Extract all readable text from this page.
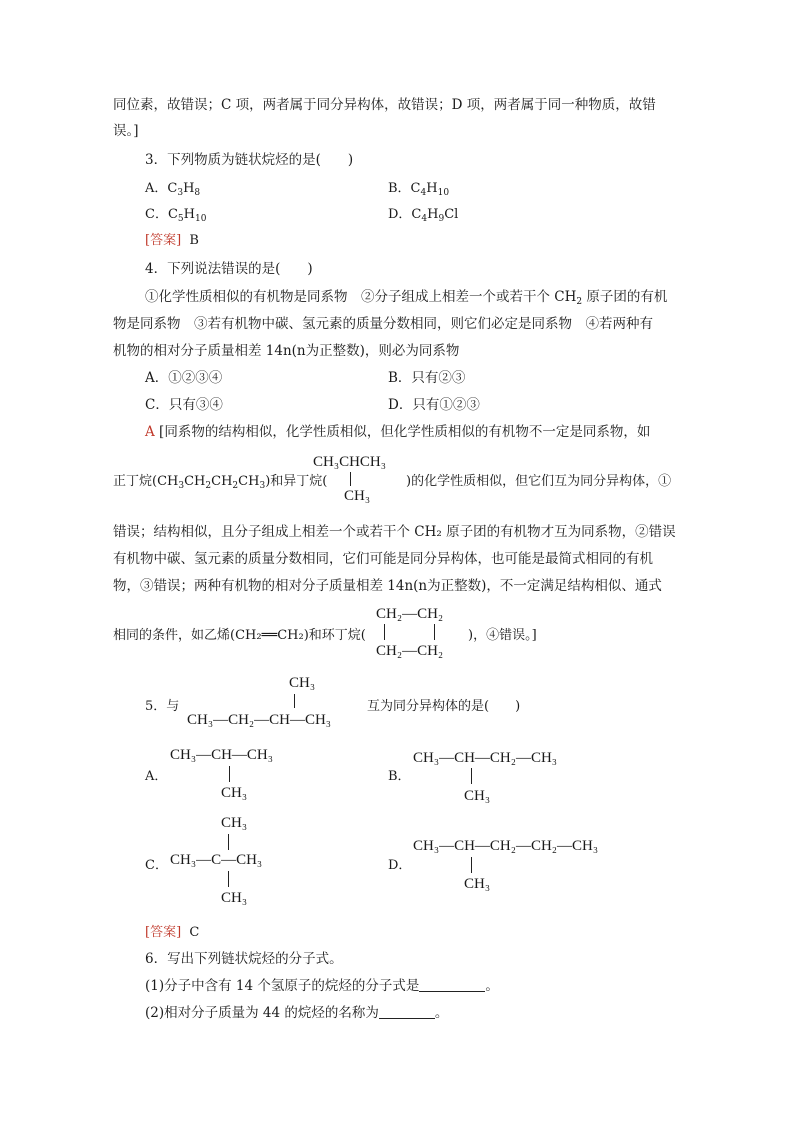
同位素，故错误；C 项，两者属于同分异构体，故错误；D 项，两者属于同一种物质，故错
误。]
3．下列物质为链状烷烃的是(　　)
A．$C_3H_8$	B．$C_4H_{10}$
C．$C_5H_{10}$	D．$C_4H_9Cl$
[答案] B
4．下列说法错误的是(　　)
①化学性质相似的有机物是同系物　②分子组成上相差一个或若干个 $CH_2$ 原子团的有机
物是同系物　③若有机物中碳、氢元素的质量分数相同，则它们必定是同系物　④若两种有
机物的相对分子质量相差 14n(n为正整数)，则必为同系物
A．①②③④	B．只有②③
C．只有③④	D．只有①②③
A [同系物的结构相似，化学性质相似，但化学性质相似的有机物不一定是同系物，如
正丁烷$(CH_3CH_2CH_2CH_3)$和异丁烷(
CH₃CHCH₃
CH₃
)的化学性质相似，但它们互为同分异构体，①
错误；结构相似，且分子组成上相差一个或若干个 CH₂ 原子团的有机物才互为同系物，②错误
有机物中碳、氢元素的质量分数相同，它们可能是同分异构体，也可能是最简式相同的有机
物，③错误；两种有机物的相对分子质量相差 14n(n为正整数)，不一定满足结构相似、通式
相同的条件，如乙烯(CH₂══CH₂)和环丁烷(
CH₂—CH₂
CH₂—CH₂
)，④错误。]
5．与
CH₃
CH₃—CH₂—CH—CH₃
互为同分异构体的是(　　)
A．
CH₃—CH—CH₃
CH₃
B．
CH₃—CH—CH₂—CH₃
CH₃
CH₃
C． CH₃—C—CH₃
CH₃
D．
CH₃—CH—CH₂—CH₂—CH₃
CH₃
[答案] C
6．写出下列链状烷烃的分子式。
(1)分子中含有 14 个氢原子的烷烃的分子式是	。
(2)相对分子质量为 44 的烷烃的名称为	。
